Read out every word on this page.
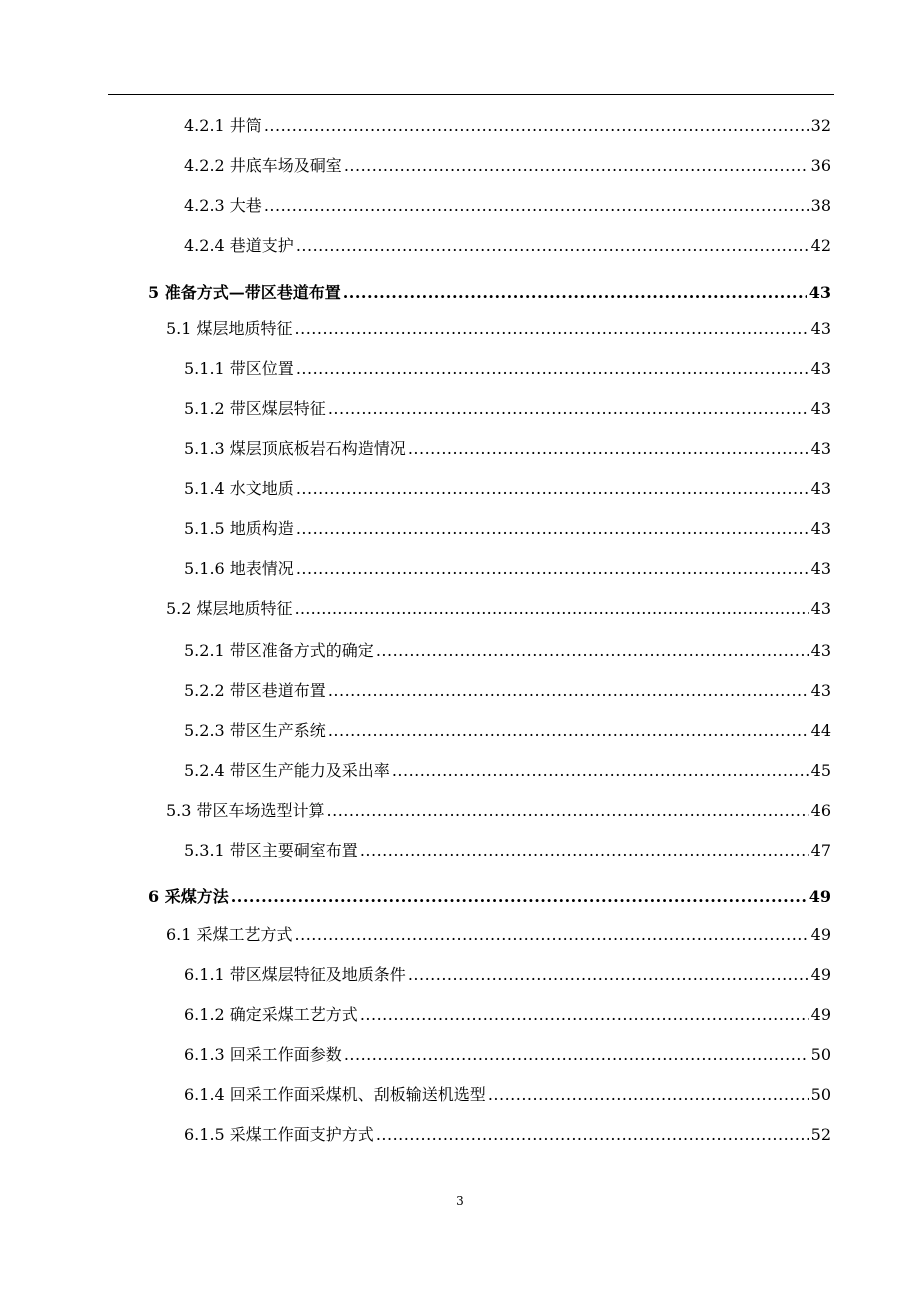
4.2.1 井筒 .....	32
4.2.2 井底车场及硐室 .....	36
4.2.3 大巷 .....	38
4.2.4 巷道支护 .....	42
5 准备方式—带区巷道布置 .....	43
5.1 煤层地质特征 .....	43
5.1.1 带区位置 .....	43
5.1.2 带区煤层特征 .....	43
5.1.3 煤层顶底板岩石构造情况 .....	43
5.1.4 水文地质 .....	43
5.1.5 地质构造 .....	43
5.1.6 地表情况 .....	43
5.2 煤层地质特征 …………………………………………………………………………………………………………………………………………………………	43
5.2.1 带区准备方式的确定 .....	43
5.2.2 带区巷道布置 .....	43
5.2.3 带区生产系统 .....	44
5.2.4 带区生产能力及采出率 .....	45
5.3 带区车场选型计算 .....	46
5.3.1 带区主要硐室布置 .....	47
6 采煤方法 .....	49
6.1 采煤工艺方式 .....	49
6.1.1 带区煤层特征及地质条件 .....	49
6.1.2 确定采煤工艺方式 .....	49
6.1.3 回采工作面参数 .....	50
6.1.4 回采工作面采煤机、刮板输送机选型 .....	50
6.1.5 采煤工作面支护方式 .....	52
3
